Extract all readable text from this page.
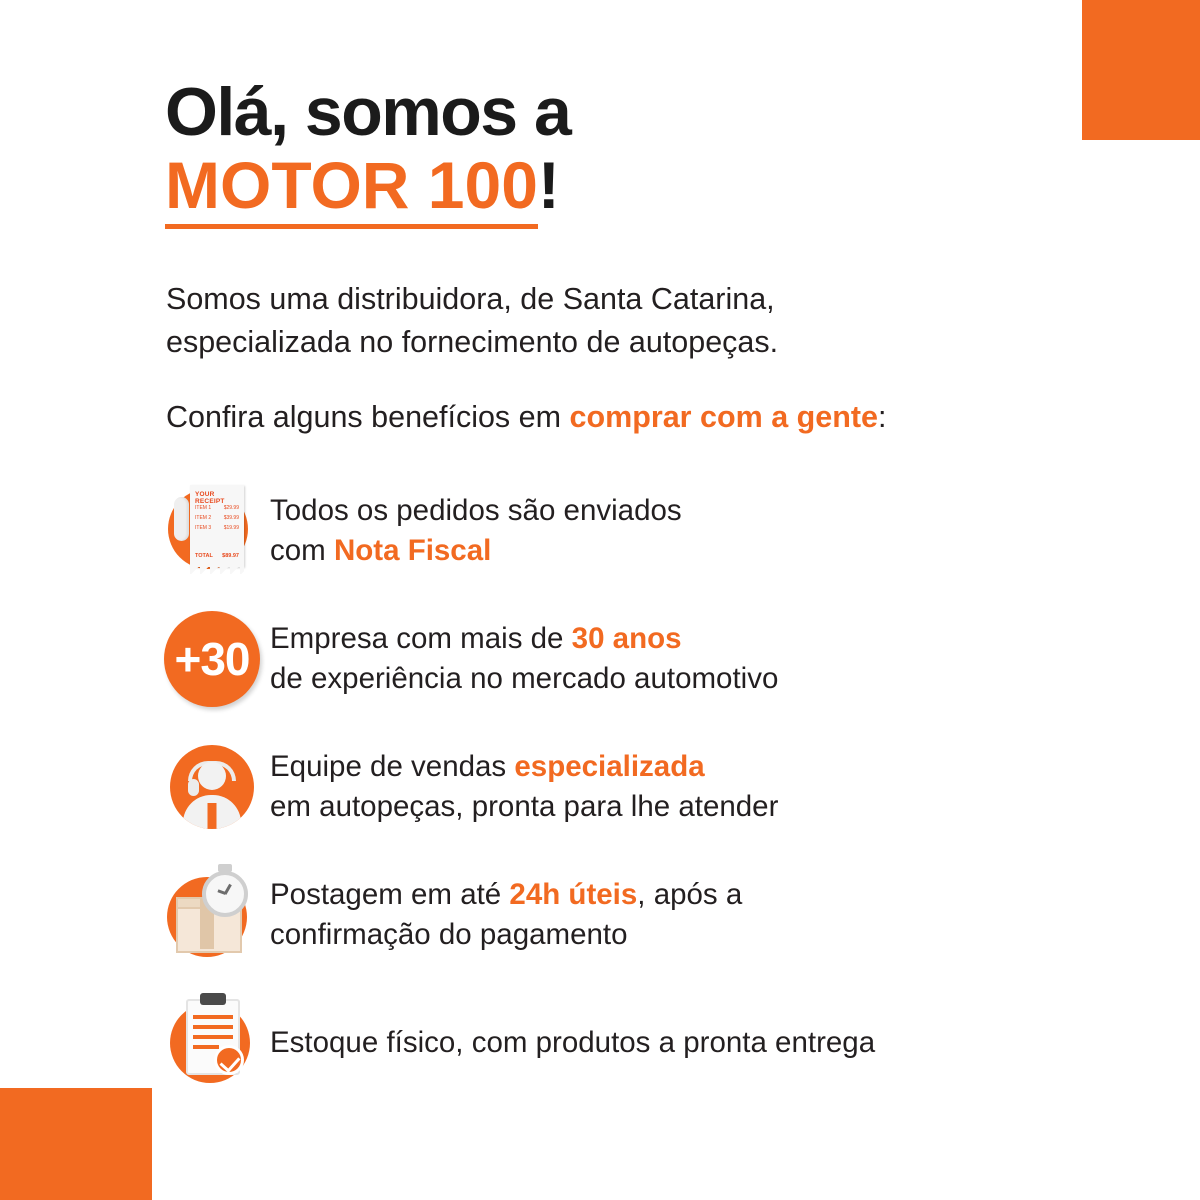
Olá, somos a
MOTOR 100!
Somos uma distribuidora, de Santa Catarina,
especializada no fornecimento de autopeças.
Confira alguns benefícios em comprar com a gente:
YOUR RECEIPT
ITEM 1	$29.99
ITEM 2	$39.99
ITEM 3	$19.99
TOTAL $89.97
Todos os pedidos são enviados
com Nota Fiscal
+30 Empresa com mais de 30 anos
de experiência no mercado automotivo
Equipe de vendas especializada
em autopeças, pronta para lhe atender
Postagem em até 24h úteis, após a
confirmação do pagamento
Estoque físico, com produtos a pronta entrega
